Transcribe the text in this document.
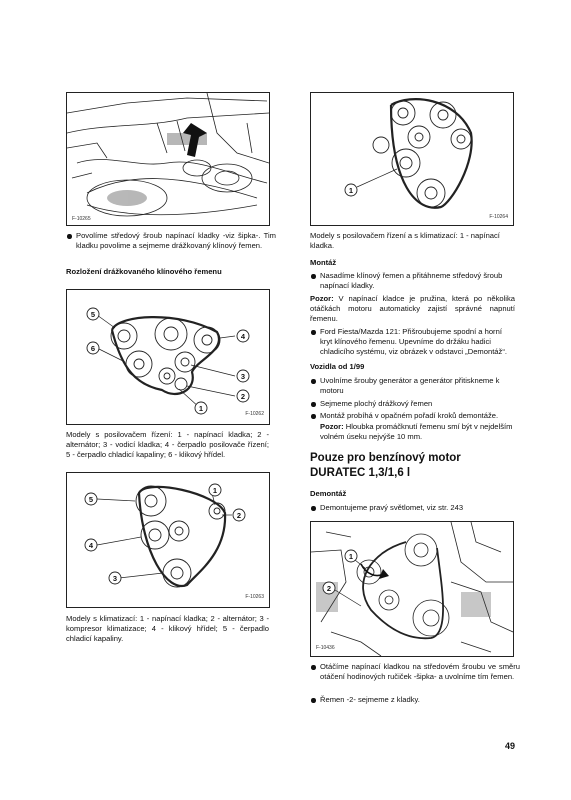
F-10265

Povolíme středový šroub napínací kladky -viz šipka-. Tim kladku povolime a sejmeme drážkovaný klínový řemen.

Rozložení drážkovaného klínového řemenu

5
4
6
3
2
1
F-10262

Modely s posilovačem řízení: 1 - napínací kladka; 2 - alternátor; 3 - vodicí kladka; 4 - čerpadlo posilovače řízení; 5 - čerpadlo chladicí kapaliny; 6 - klikový hřídel.

5
1
2
4
3
F-10263

Modely s klimatizací: 1 - napínací kladka; 2 - alternátor; 3 - kompresor klimatizace; 4 - klikový hřídel; 5 - čerpadlo chladicí kapaliny.

1
F-10264

Modely s posilovačem řízení a s klimatizací: 1 - napínací kladka.

Montáž

Nasadíme klínový řemen a přitáhneme středový šroub napínací kladky.

Pozor: V napínací kladce je pružina, která po několika otáčkách motoru automaticky zajistí správné napnutí řemenu.

Ford Fiesta/Mazda 121: Přišroubujeme spodní a horní kryt klínového řemenu. Upevníme do držáku hadici chladicího systému, viz obrázek v odstavci „Demontáž“.

Vozidla od 1/99

Uvolníme šrouby generátor a generátor přitiskneme k motoru

Sejmeme plochý drážkový řemen

Montáž probíhá v opačném pořadí kroků demontáže.

Pozor: Hloubka promáčknutí řemenu smí být v nejdelším volném úseku nejvýše 10 mm.

Pouze pro benzínový motor DURATEC 1,3/1,6 l

Demontáž

Demontujeme pravý světlomet, viz str. 243

1
2
F-10436

Otáčíme napínací kladkou na středovém šroubu ve směru otáčení hodinových ručiček -šipka- a uvolníme tím řemen.

Řemen -2- sejmeme z kladky.

49
